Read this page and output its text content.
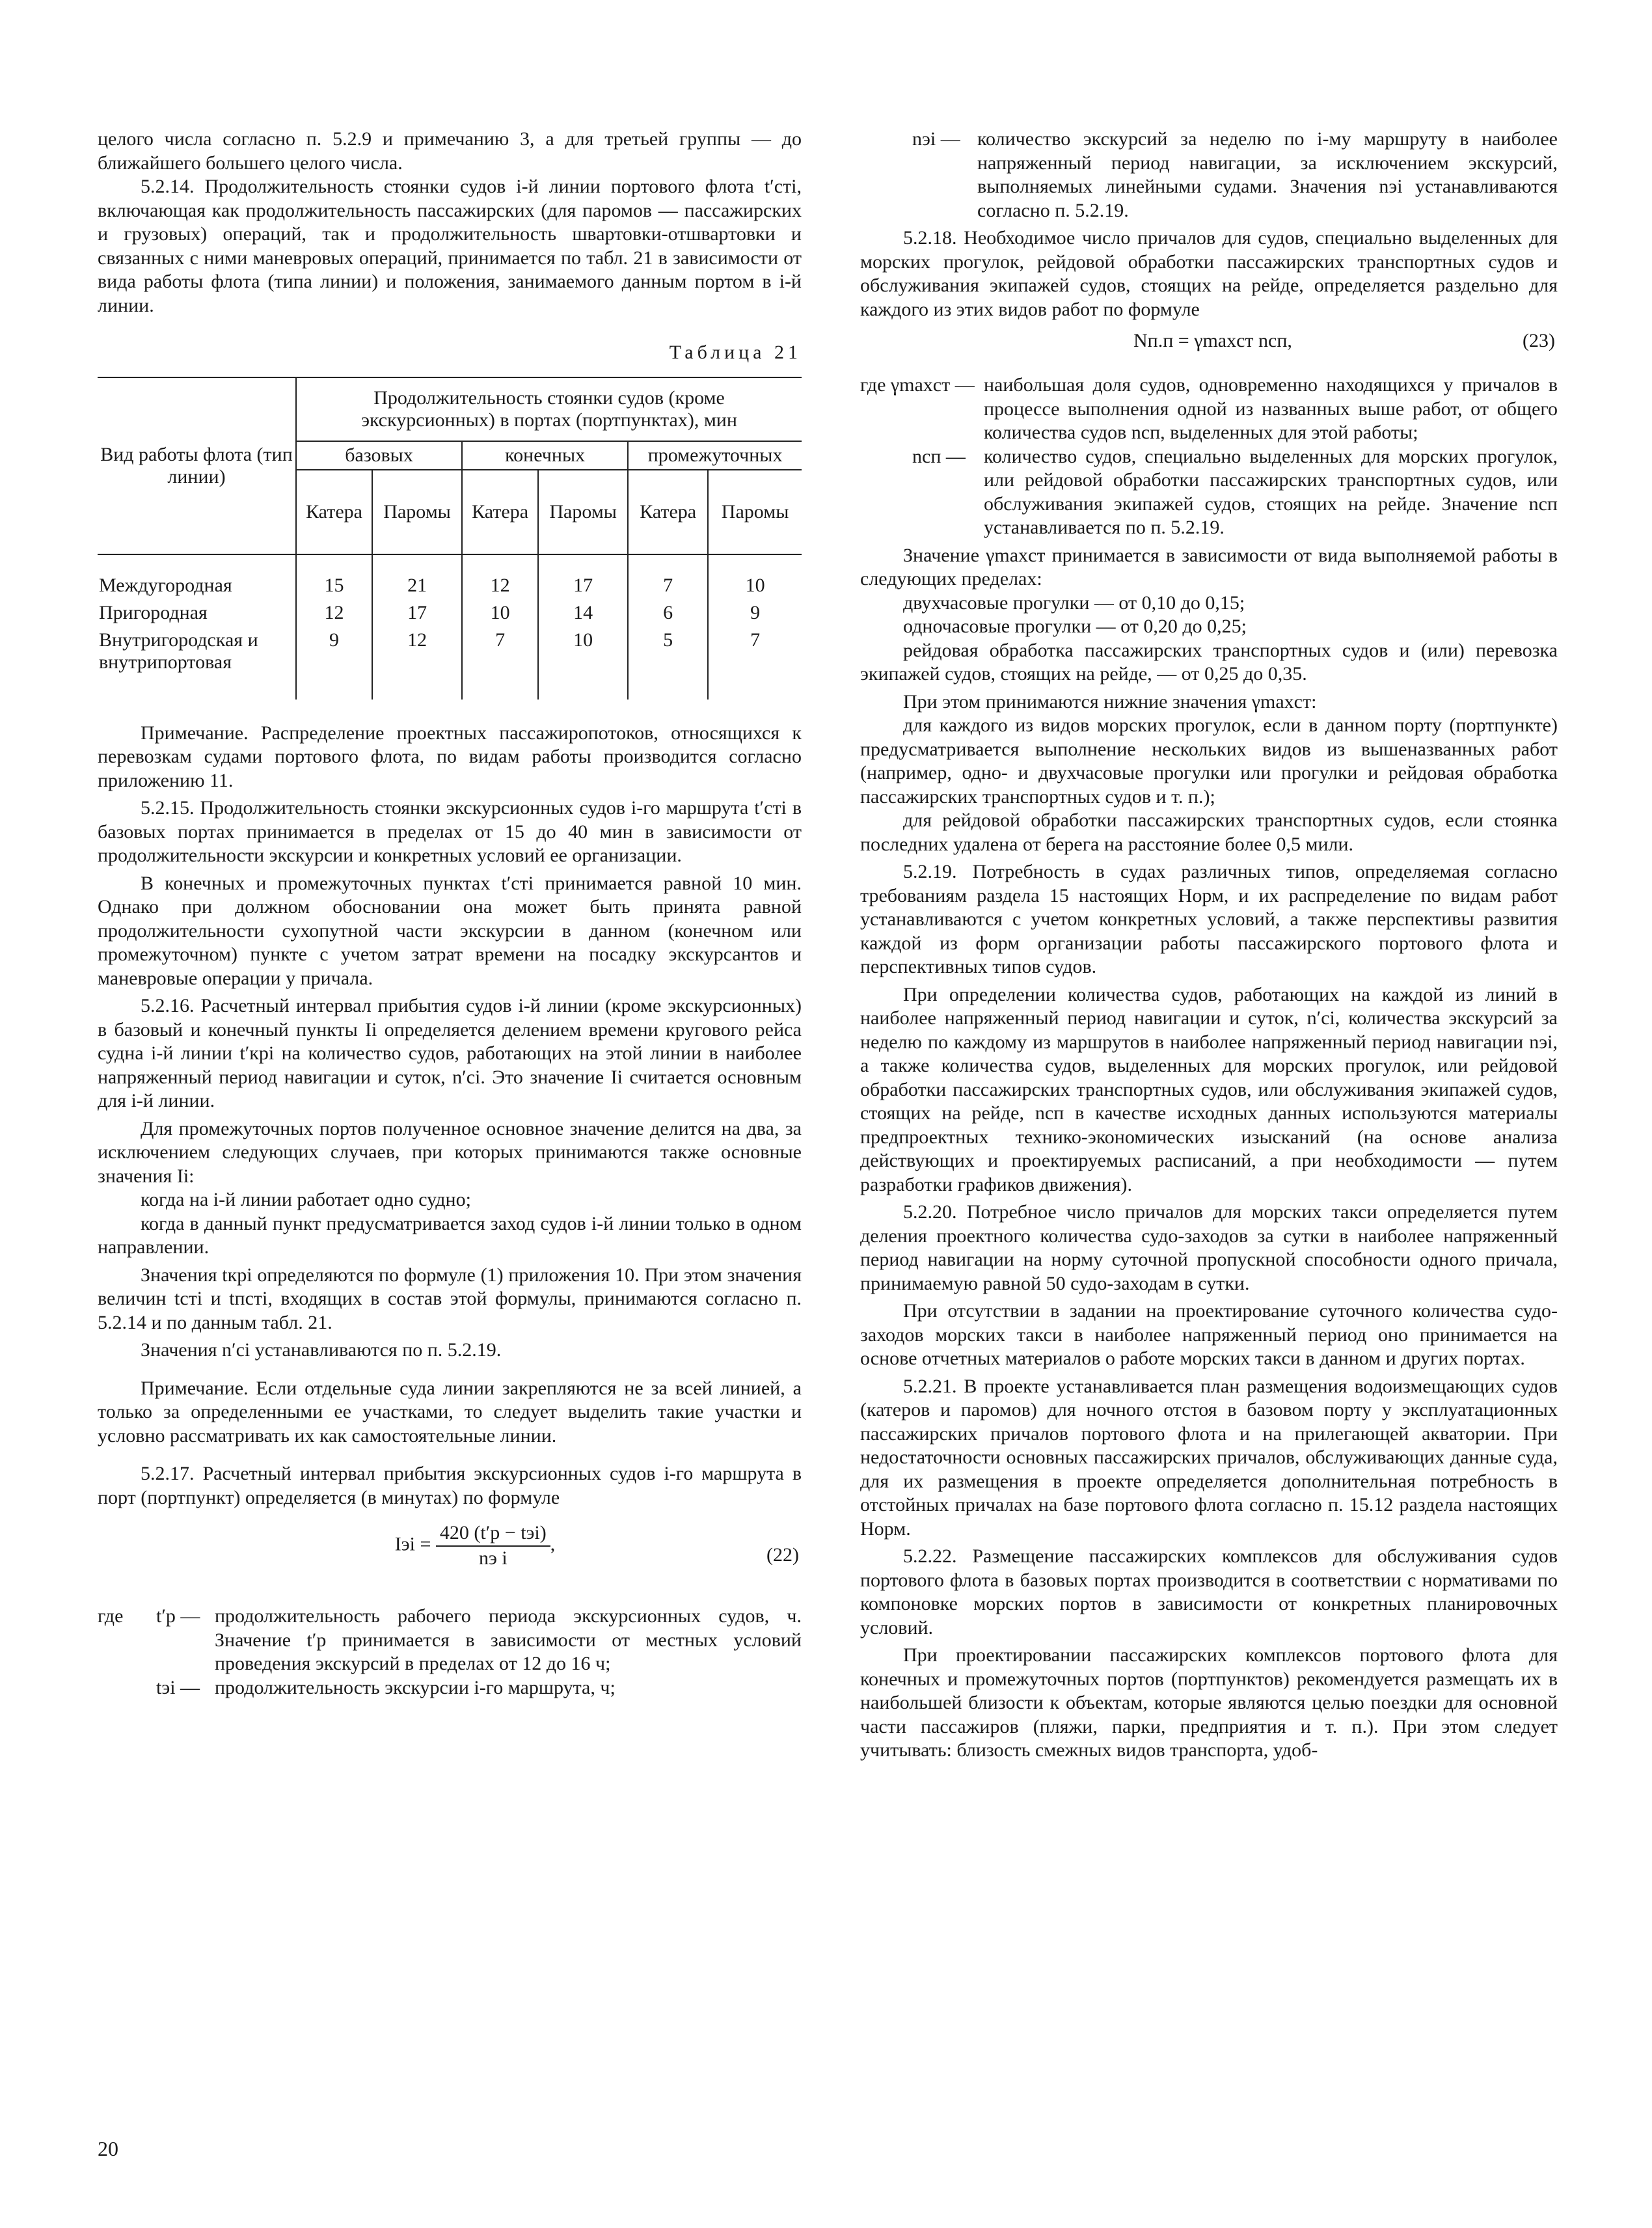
целого числа согласно п. 5.2.9 и примечанию 3, а для третьей группы — до ближайшего большего целого числа.

5.2.14. Продолжительность стоянки судов i-й линии портового флота t′стi, включающая как продолжительность пассажирских (для паромов — пассажирских и грузовых) операций, так и продолжительность швартовки-отшвартовки и связанных с ними маневровых операций, принимается по табл. 21 в зависимости от вида работы флота (типа линии) и положения, занимаемого данным портом в i-й линии.

Таблица 21
Вид работы флота (тип линии)	Продолжительность стоянки судов (кроме экскурсионных) в портах (портпунктах), мин					
	базовых		конечных		промежуточных	
	Катера	Паромы	Катера	Паромы	Катера	Паромы
Междугородная	15	21	12	17	7	10
Пригородная	12	17	10	14	6	9
Внутригородская и внутрипортовая	9	12	7	10	5	7

Примечание. Распределение проектных пассажиропотоков, относящихся к перевозкам судами портового флота, по видам работы производится согласно приложению 11.

5.2.15. Продолжительность стоянки экскурсионных судов i-го маршрута t′стi в базовых портах принимается в пределах от 15 до 40 мин в зависимости от продолжительности экскурсии и конкретных условий ее организации.

В конечных и промежуточных пунктах t′стi принимается равной 10 мин. Однако при должном обосновании она может быть принята равной продолжительности сухопутной части экскурсии в данном (конечном или промежуточном) пункте с учетом затрат времени на посадку экскурсантов и маневровые операции у причала.

5.2.16. Расчетный интервал прибытия судов i-й линии (кроме экскурсионных) в базовый и конечный пункты Ii определяется делением времени кругового рейса судна i-й линии t′крi на количество судов, работающих на этой линии в наиболее напряженный период навигации и суток, n′ci. Это значение Ii считается основным для i-й линии.

Для промежуточных портов полученное основное значение делится на два, за исключением следующих случаев, при которых принимаются также основные значения Ii:

когда на i-й линии работает одно судно;

когда в данный пункт предусматривается заход судов i-й линии только в одном направлении.

Значения tкрi определяются по формуле (1) приложения 10. При этом значения величин tстi и tпстi, входящих в состав этой формулы, принимаются согласно п. 5.2.14 и по данным табл. 21.

Значения n′ci устанавливаются по п. 5.2.19.

Примечание. Если отдельные суда линии закрепляются не за всей линией, а только за определенными ее участками, то следует выделить такие участки и условно рассматривать их как самостоятельные линии.

5.2.17. Расчетный интервал прибытия экскурсионных судов i-го маршрута в порт (портпункт) определяется (в минутах) по формуле

Iэi = $\frac{\text{420 (t′р − tэi)}}{\text{nэ i}}$ ,
(22)
где	t′р — продолжительность рабочего периода экскурсионных судов, ч. Значение t′р принимается в зависимости от местных условий проведения экскурсий в пределах от 12 до 16 ч;
tэi — продолжительность экскурсии i-го маршрута, ч;
nэi — количество экскурсий за неделю по i-му маршруту в наиболее напряженный период навигации, за исключением экскурсий, выполняемых линейными судами. Значения nэi устанавливаются согласно п. 5.2.19.

5.2.18. Необходимое число причалов для судов, специально выделенных для морских прогулок, рейдовой обработки пассажирских транспортных судов и обслуживания экипажей судов, стоящих на рейде, определяется раздельно для каждого из этих видов работ по формуле

Nп.п = γmaxст nсп,	(23)
где γmaxст — наибольшая доля судов, одновременно находящихся у причалов в процессе выполнения одной из названных выше работ, от общего количества судов nсп, выделенных для этой работы;
nсп — количество судов, специально выделенных для морских прогулок, или рейдовой обработки пассажирских транспортных судов, или обслуживания экипажей судов, стоящих на рейде. Значение nсп устанавливается по п. 5.2.19.

Значение γmaxст принимается в зависимости от вида выполняемой работы в следующих пределах:

двухчасовые прогулки — от 0,10 до 0,15;

одночасовые прогулки — от 0,20 до 0,25;

рейдовая обработка пассажирских транспортных судов и (или) перевозка экипажей судов, стоящих на рейде, — от 0,25 до 0,35.

При этом принимаются нижние значения γmaxст:

для каждого из видов морских прогулок, если в данном порту (портпункте) предусматривается выполнение нескольких видов из вышеназванных работ (например, одно- и двухчасовые прогулки или прогулки и рейдовая обработка пассажирских транспортных судов и т. п.);

для рейдовой обработки пассажирских транспортных судов, если стоянка последних удалена от берега на расстояние более 0,5 мили.

5.2.19. Потребность в судах различных типов, определяемая согласно требованиям раздела 15 настоящих Норм, и их распределение по видам работ устанавливаются с учетом конкретных условий, а также перспективы развития каждой из форм организации работы пассажирского портового флота и перспективных типов судов.

При определении количества судов, работающих на каждой из линий в наиболее напряженный период навигации и суток, n′ci, количества экскурсий за неделю по каждому из маршрутов в наиболее напряженный период навигации nэi, а также количества судов, выделенных для морских прогулок, или рейдовой обработки пассажирских транспортных судов, или обслуживания экипажей судов, стоящих на рейде, nсп в качестве исходных данных используются материалы предпроектных технико-экономических изысканий (на основе анализа действующих и проектируемых расписаний, а при необходимости — путем разработки графиков движения).

5.2.20. Потребное число причалов для морских такси определяется путем деления проектного количества судо-заходов за сутки в наиболее напряженный период навигации на норму суточной пропускной способности одного причала, принимаемую равной 50 судо-заходам в сутки.

При отсутствии в задании на проектирование суточного количества судо-заходов морских такси в наиболее напряженный период оно принимается на основе отчетных материалов о работе морских такси в данном и других портах.

5.2.21. В проекте устанавливается план размещения водоизмещающих судов (катеров и паромов) для ночного отстоя в базовом порту у эксплуатационных пассажирских причалов портового флота и на прилегающей акватории. При недостаточности основных пассажирских причалов, обслуживающих данные суда, для их размещения в проекте определяется дополнительная потребность в отстойных причалах на базе портового флота согласно п. 15.12 раздела настоящих Норм.

5.2.22. Размещение пассажирских комплексов для обслуживания судов портового флота в базовых портах производится в соответствии с нормативами по компоновке морских портов в зависимости от конкретных планировочных условий.

При проектировании пассажирских комплексов портового флота для конечных и промежуточных портов (портпунктов) рекомендуется размещать их в наибольшей близости к объектам, которые являются целью поездки для основной части пассажиров (пляжи, парки, предприятия и т. п.). При этом следует учитывать: близость смежных видов транспорта, удоб-

20
